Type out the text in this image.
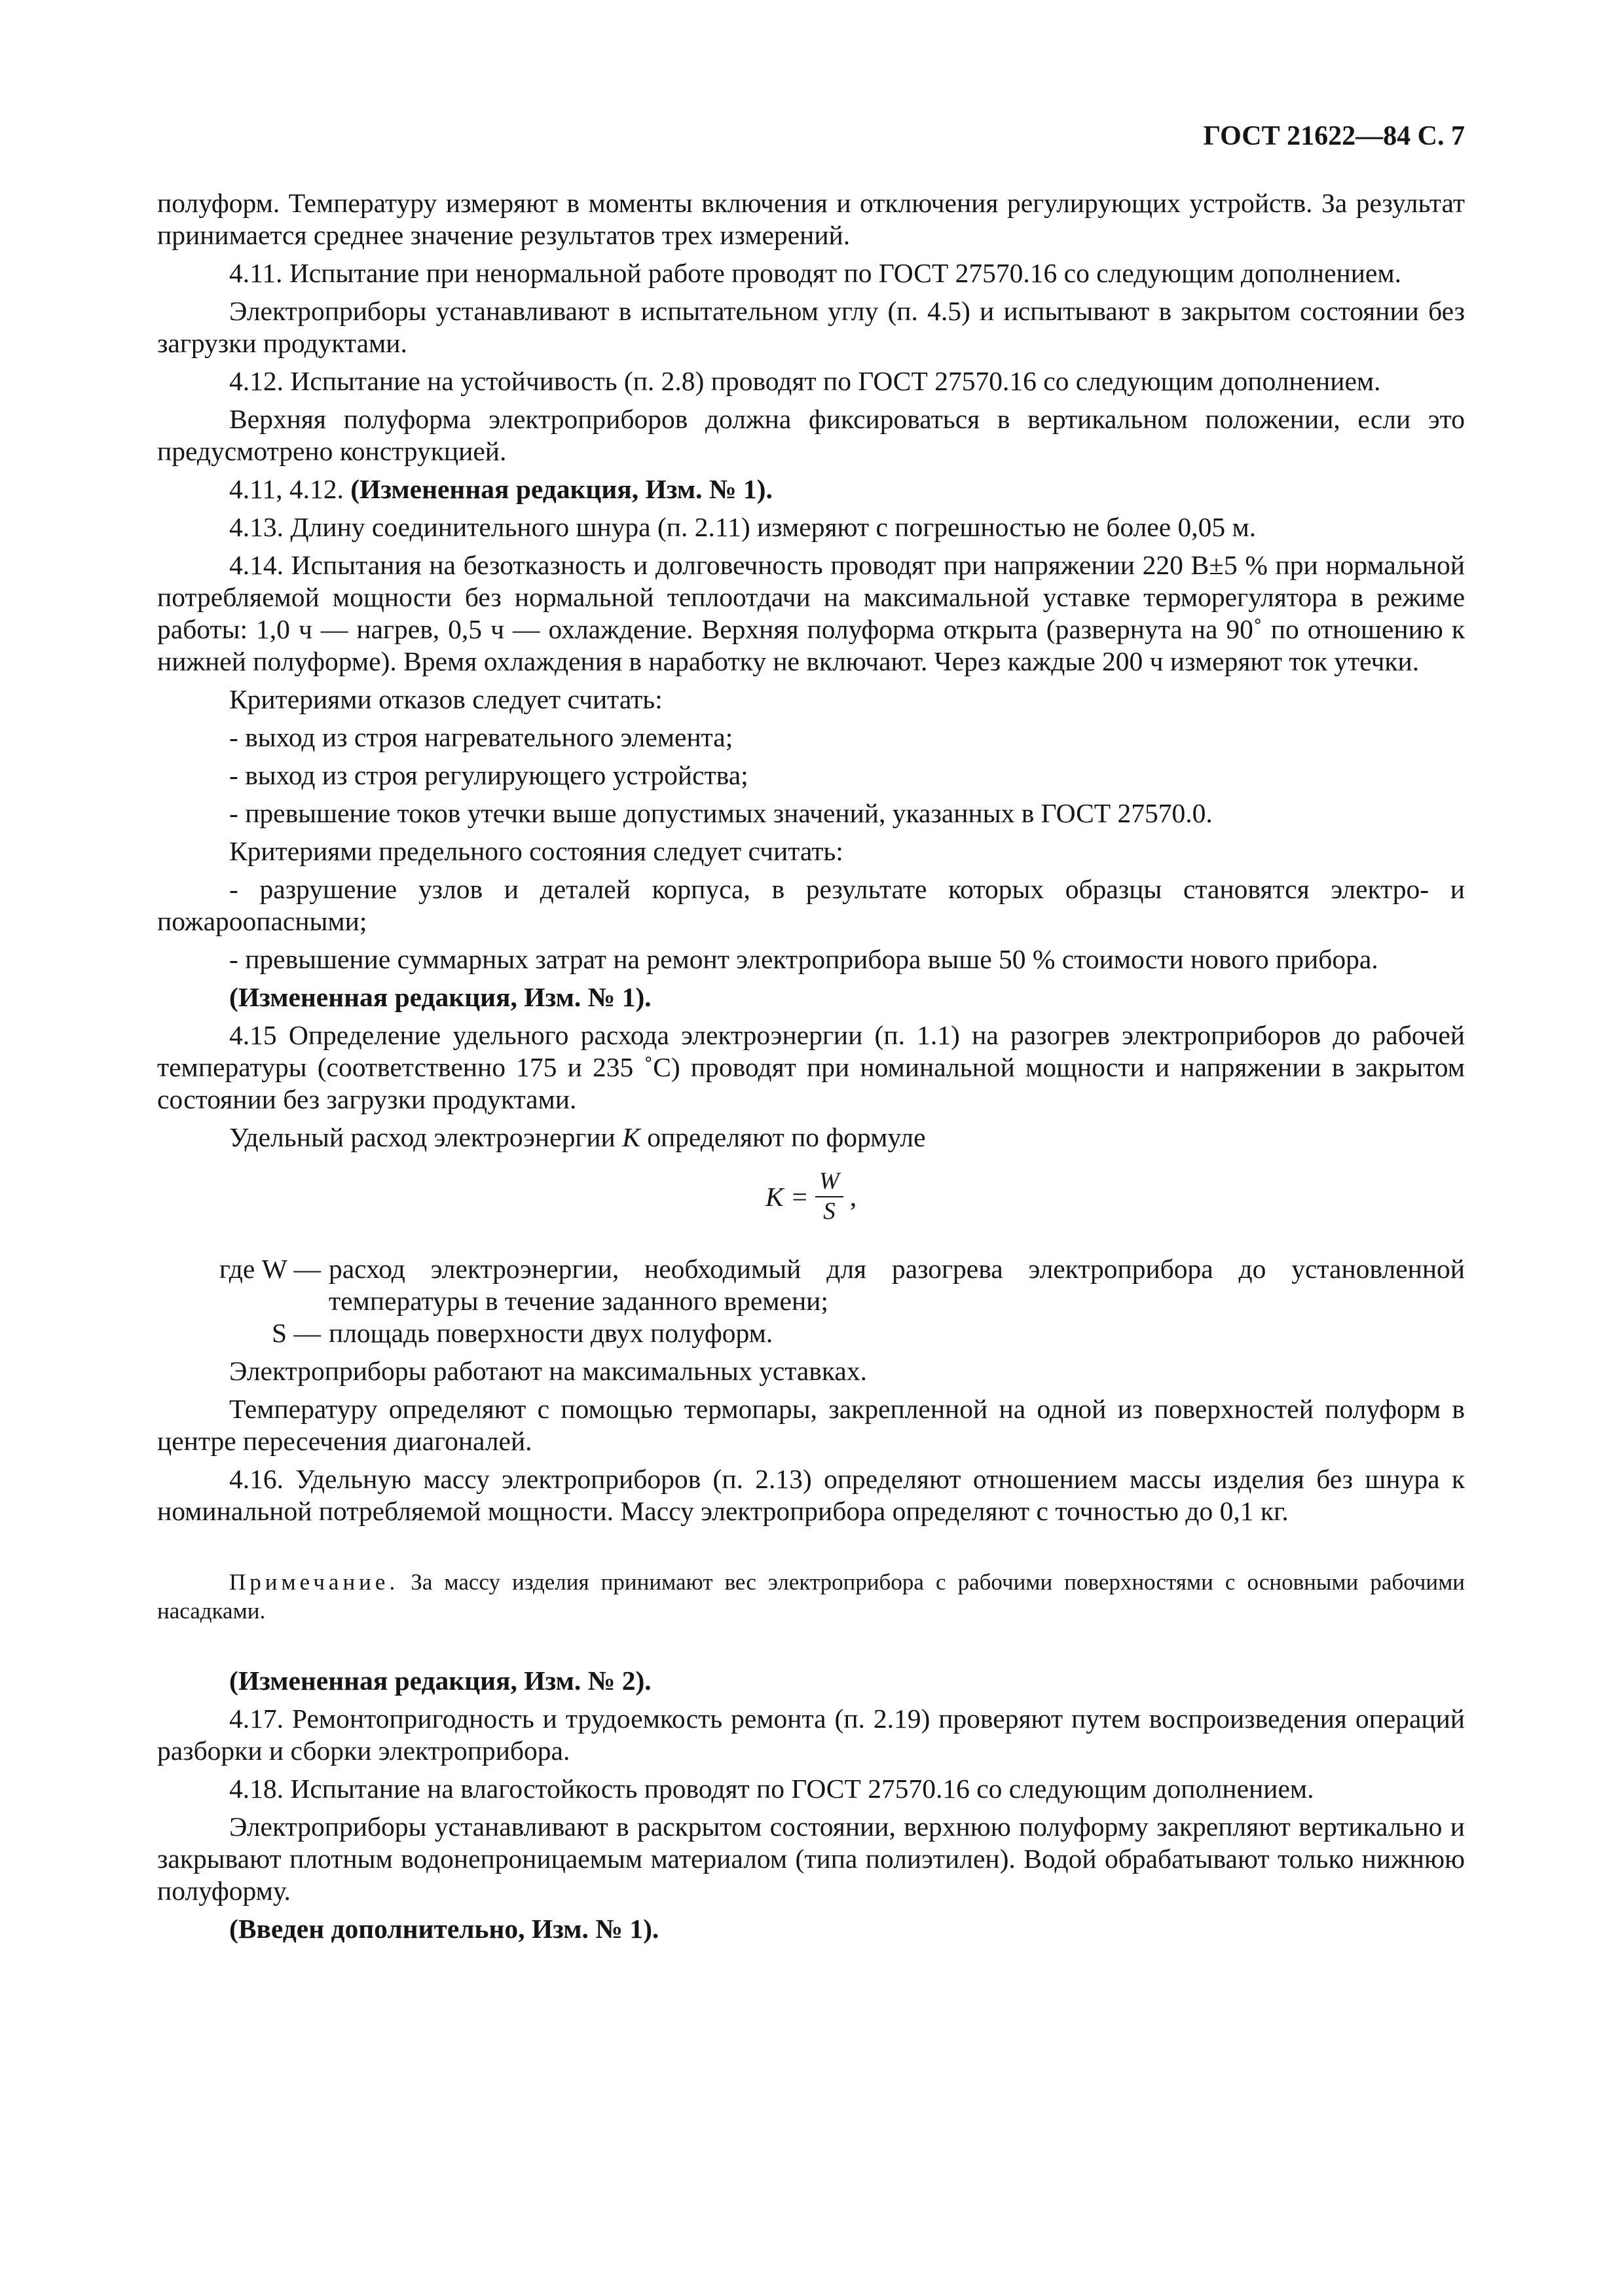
ГОСТ 21622—84 С. 7

полуформ. Температуру измеряют в моменты включения и отключения регулирующих устройств. За результат принимается среднее значение результатов трех измерений.

4.11. Испытание при ненормальной работе проводят по ГОСТ 27570.16 со следующим дополнением.

Электроприборы устанавливают в испытательном углу (п. 4.5) и испытывают в закрытом состоянии без загрузки продуктами.

4.12. Испытание на устойчивость (п. 2.8) проводят по ГОСТ 27570.16 со следующим дополнением.

Верхняя полуформа электроприборов должна фиксироваться в вертикальном положении, если это предусмотрено конструкцией.

4.11, 4.12. (Измененная редакция, Изм. № 1).

4.13. Длину соединительного шнура (п. 2.11) измеряют с погрешностью не более 0,05 м.

4.14. Испытания на безотказность и долговечность проводят при напряжении 220 В±5 % при нормальной потребляемой мощности без нормальной теплоотдачи на максимальной уставке терморегулятора в режиме работы: 1,0 ч — нагрев, 0,5 ч — охлаждение. Верхняя полуформа открыта (развернута на 90˚ по отношению к нижней полуформе). Время охлаждения в наработку не включают. Через каждые 200 ч измеряют ток утечки.

Критериями отказов следует считать:

- выход из строя нагревательного элемента;

- выход из строя регулирующего устройства;

- превышение токов утечки выше допустимых значений, указанных в ГОСТ 27570.0.

Критериями предельного состояния следует считать:

- разрушение узлов и деталей корпуса, в результате которых образцы становятся электро- и пожароопасными;

- превышение суммарных затрат на ремонт электроприбора выше 50 % стоимости нового прибора.

(Измененная редакция, Изм. № 1).

4.15 Определение удельного расхода электроэнергии (п. 1.1) на разогрев электроприборов до рабочей температуры (соответственно 175 и 235 ˚С) проводят при номинальной мощности и напряжении в закрытом состоянии без загрузки продуктами.

Удельный расход электроэнергии K определяют по формуле

$K = \frac{W}{S}$ ,
где W — расход электроэнергии, необходимый для разогрева электроприбора до установленной температуры в течение заданного времени;
S — площадь поверхности двух полуформ.

Электроприборы работают на максимальных уставках.

Температуру определяют с помощью термопары, закрепленной на одной из поверхностей полуформ в центре пересечения диагоналей.

4.16. Удельную массу электроприборов (п. 2.13) определяют отношением массы изделия без шнура к номинальной потребляемой мощности. Массу электроприбора определяют с точностью до 0,1 кг.

Примечание. За массу изделия принимают вес электроприбора с рабочими поверхностями с основными рабочими насадками.

(Измененная редакция, Изм. № 2).

4.17. Ремонтопригодность и трудоемкость ремонта (п. 2.19) проверяют путем воспроизведения операций разборки и сборки электроприбора.

4.18. Испытание на влагостойкость проводят по ГОСТ 27570.16 со следующим дополнением.

Электроприборы устанавливают в раскрытом состоянии, верхнюю полуформу закрепляют вертикально и закрывают плотным водонепроницаемым материалом (типа полиэтилен). Водой обрабатывают только нижнюю полуформу.

(Введен дополнительно, Изм. № 1).
